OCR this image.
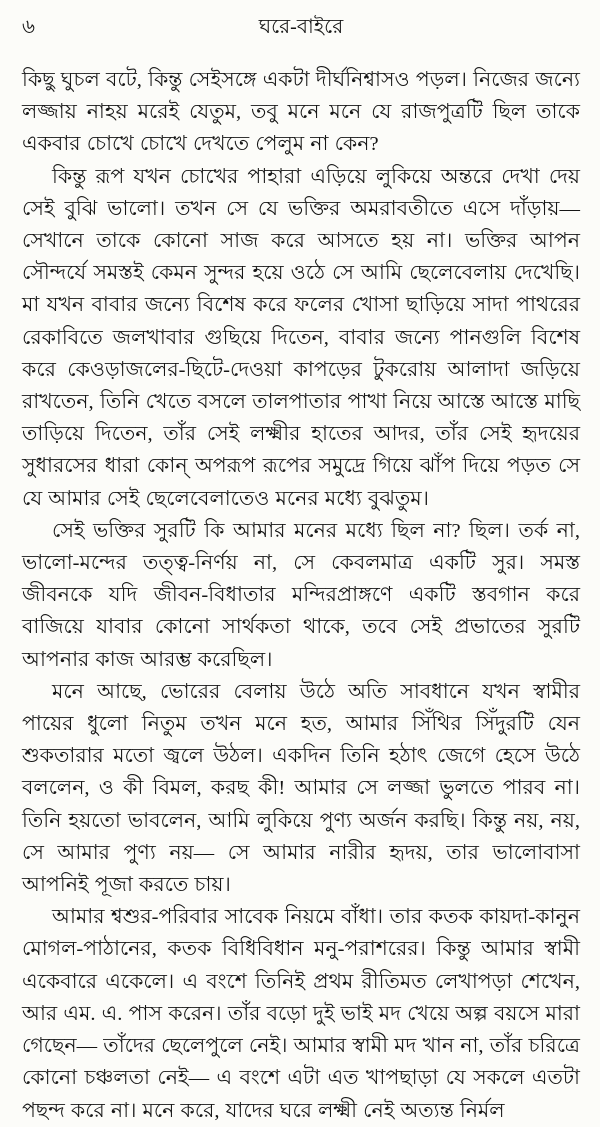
৬	ঘরে-বাইরে

কিছু ঘুচল বটে, কিন্তু সেইসঙ্গে একটা দীর্ঘনিশ্বাসও পড়ল। নিজের জন্যে লজ্জায় নাহয় মরেই যেতুম, তবু মনে মনে যে রাজপুত্রটি ছিল তাকে একবার চোখে চোখে দেখতে পেলুম না কেন?

কিন্তু রূপ যখন চোখের পাহারা এড়িয়ে লুকিয়ে অন্তরে দেখা দেয় সেই বুঝি ভালো। তখন সে যে ভক্তির অমরাবতীতে এসে দাঁড়ায়— সেখানে তাকে কোনো সাজ করে আসতে হয় না। ভক্তির আপন সৌন্দর্যে সমস্তই কেমন সুন্দর হয়ে ওঠে সে আমি ছেলেবেলায় দেখেছি। মা যখন বাবার জন্যে বিশেষ করে ফলের খোসা ছাড়িয়ে সাদা পাথরের রেকাবিতে জলখাবার গুছিয়ে দিতেন, বাবার জন্যে পানগুলি বিশেষ করে কেওড়াজলের-ছিটে-দেওয়া কাপড়ের টুকরোয় আলাদা জড়িয়ে রাখতেন, তিনি খেতে বসলে তালপাতার পাখা নিয়ে আস্তে আস্তে মাছি তাড়িয়ে দিতেন, তাঁর সেই লক্ষ্মীর হাতের আদর, তাঁর সেই হৃদয়ের সুধারসের ধারা কোন্ অপরূপ রূপের সমুদ্রে গিয়ে ঝাঁপ দিয়ে পড়ত সে যে আমার সেই ছেলেবেলাতেও মনের মধ্যে বুঝতুম।

সেই ভক্তির সুরটি কি আমার মনের মধ্যে ছিল না? ছিল। তর্ক না, ভালো-মন্দের তত্ত্ব-নির্ণয় না, সে কেবলমাত্র একটি সুর। সমস্ত জীবনকে যদি জীবন-বিধাতার মন্দিরপ্রাঙ্গণে একটি স্তবগান করে বাজিয়ে যাবার কোনো সার্থকতা থাকে, তবে সেই প্রভাতের সুরটি আপনার কাজ আরম্ভ করেছিল।

মনে আছে, ভোরের বেলায় উঠে অতি সাবধানে যখন স্বামীর পায়ের ধুলো নিতুম তখন মনে হত, আমার সিঁথির সিঁদুরটি যেন শুকতারার মতো জ্বলে উঠল। একদিন তিনি হঠাৎ জেগে হেসে উঠে বললেন, ও কী বিমল, করছ কী! আমার সে লজ্জা ভুলতে পারব না। তিনি হয়তো ভাবলেন, আমি লুকিয়ে পুণ্য অর্জন করছি। কিন্তু নয়, নয়, সে আমার পুণ্য নয়— সে আমার নারীর হৃদয়, তার ভালোবাসা আপনিই পূজা করতে চায়।

আমার শ্বশুর-পরিবার সাবেক নিয়মে বাঁধা। তার কতক কায়দা-কানুন মোগল-পাঠানের, কতক বিধিবিধান মনু-পরাশরের। কিন্তু আমার স্বামী একেবারে একেলে। এ বংশে তিনিই প্রথম রীতিমত লেখাপড়া শেখেন, আর এম. এ. পাস করেন। তাঁর বড়ো দুই ভাই মদ খেয়ে অল্প বয়সে মারা গেছেন— তাঁদের ছেলেপুলে নেই। আমার স্বামী মদ খান না, তাঁর চরিত্রে কোনো চঞ্চলতা নেই— এ বংশে এটা এত খাপছাড়া যে সকলে এতটা পছন্দ করে না। মনে করে, যাদের ঘরে লক্ষ্মী নেই অত্যন্ত নির্মল
